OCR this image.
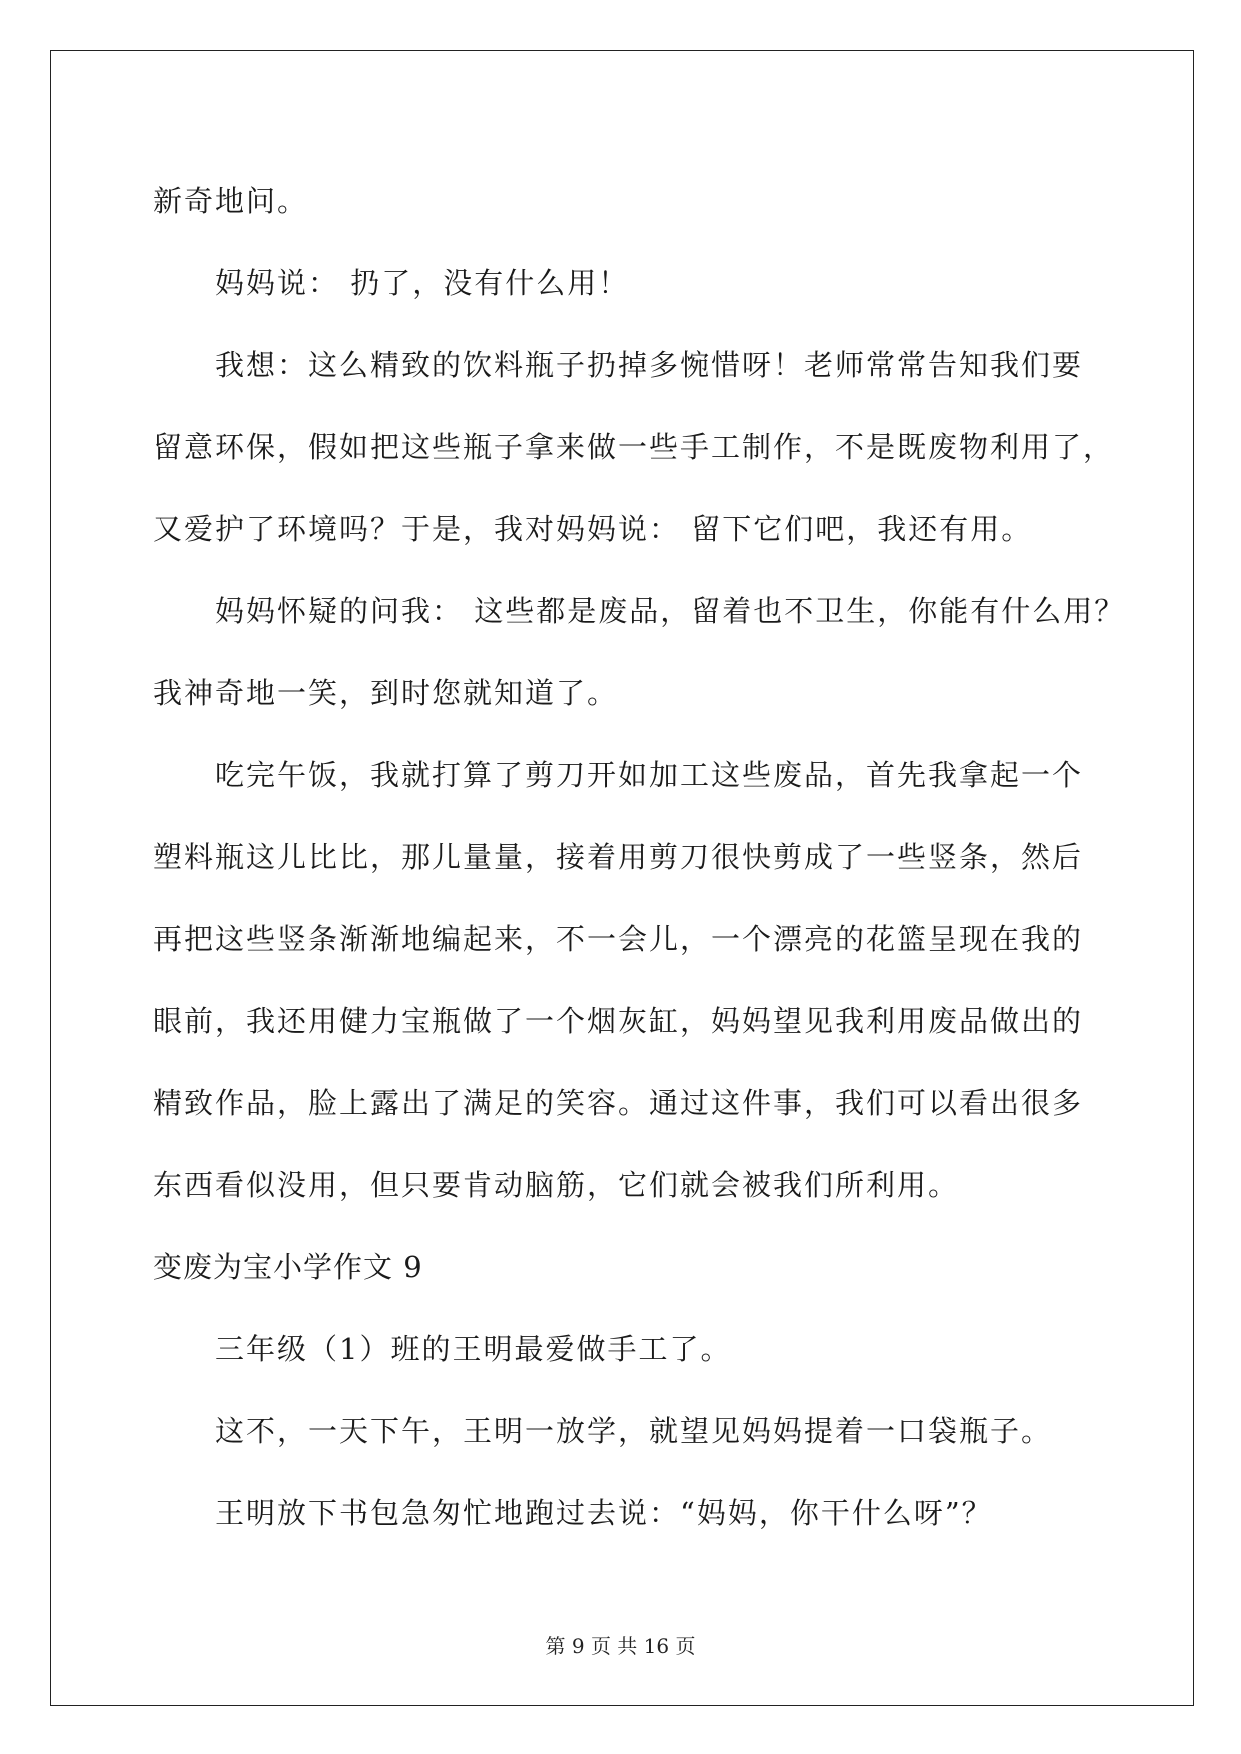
新奇地问。
妈妈说： 扔了，没有什么用！
我想：这么精致的饮料瓶子扔掉多惋惜呀！老师常常告知我们要
留意环保，假如把这些瓶子拿来做一些手工制作，不是既废物利用了，
又爱护了环境吗？于是，我对妈妈说： 留下它们吧，我还有用。
妈妈怀疑的问我： 这些都是废品，留着也不卫生，你能有什么用？
我神奇地一笑，到时您就知道了。
吃完午饭，我就打算了剪刀开如加工这些废品，首先我拿起一个
塑料瓶这儿比比，那儿量量，接着用剪刀很快剪成了一些竖条，然后
再把这些竖条渐渐地编起来，不一会儿，一个漂亮的花篮呈现在我的
眼前，我还用健力宝瓶做了一个烟灰缸，妈妈望见我利用废品做出的
精致作品，脸上露出了满足的笑容。通过这件事，我们可以看出很多
东西看似没用，但只要肯动脑筋，它们就会被我们所利用。
变废为宝小学作文 9
三年级（1）班的王明最爱做手工了。
这不，一天下午，王明一放学，就望见妈妈提着一口袋瓶子。
王明放下书包急匆忙地跑过去说：“妈妈，你干什么呀”？
第 9 页 共 16 页
